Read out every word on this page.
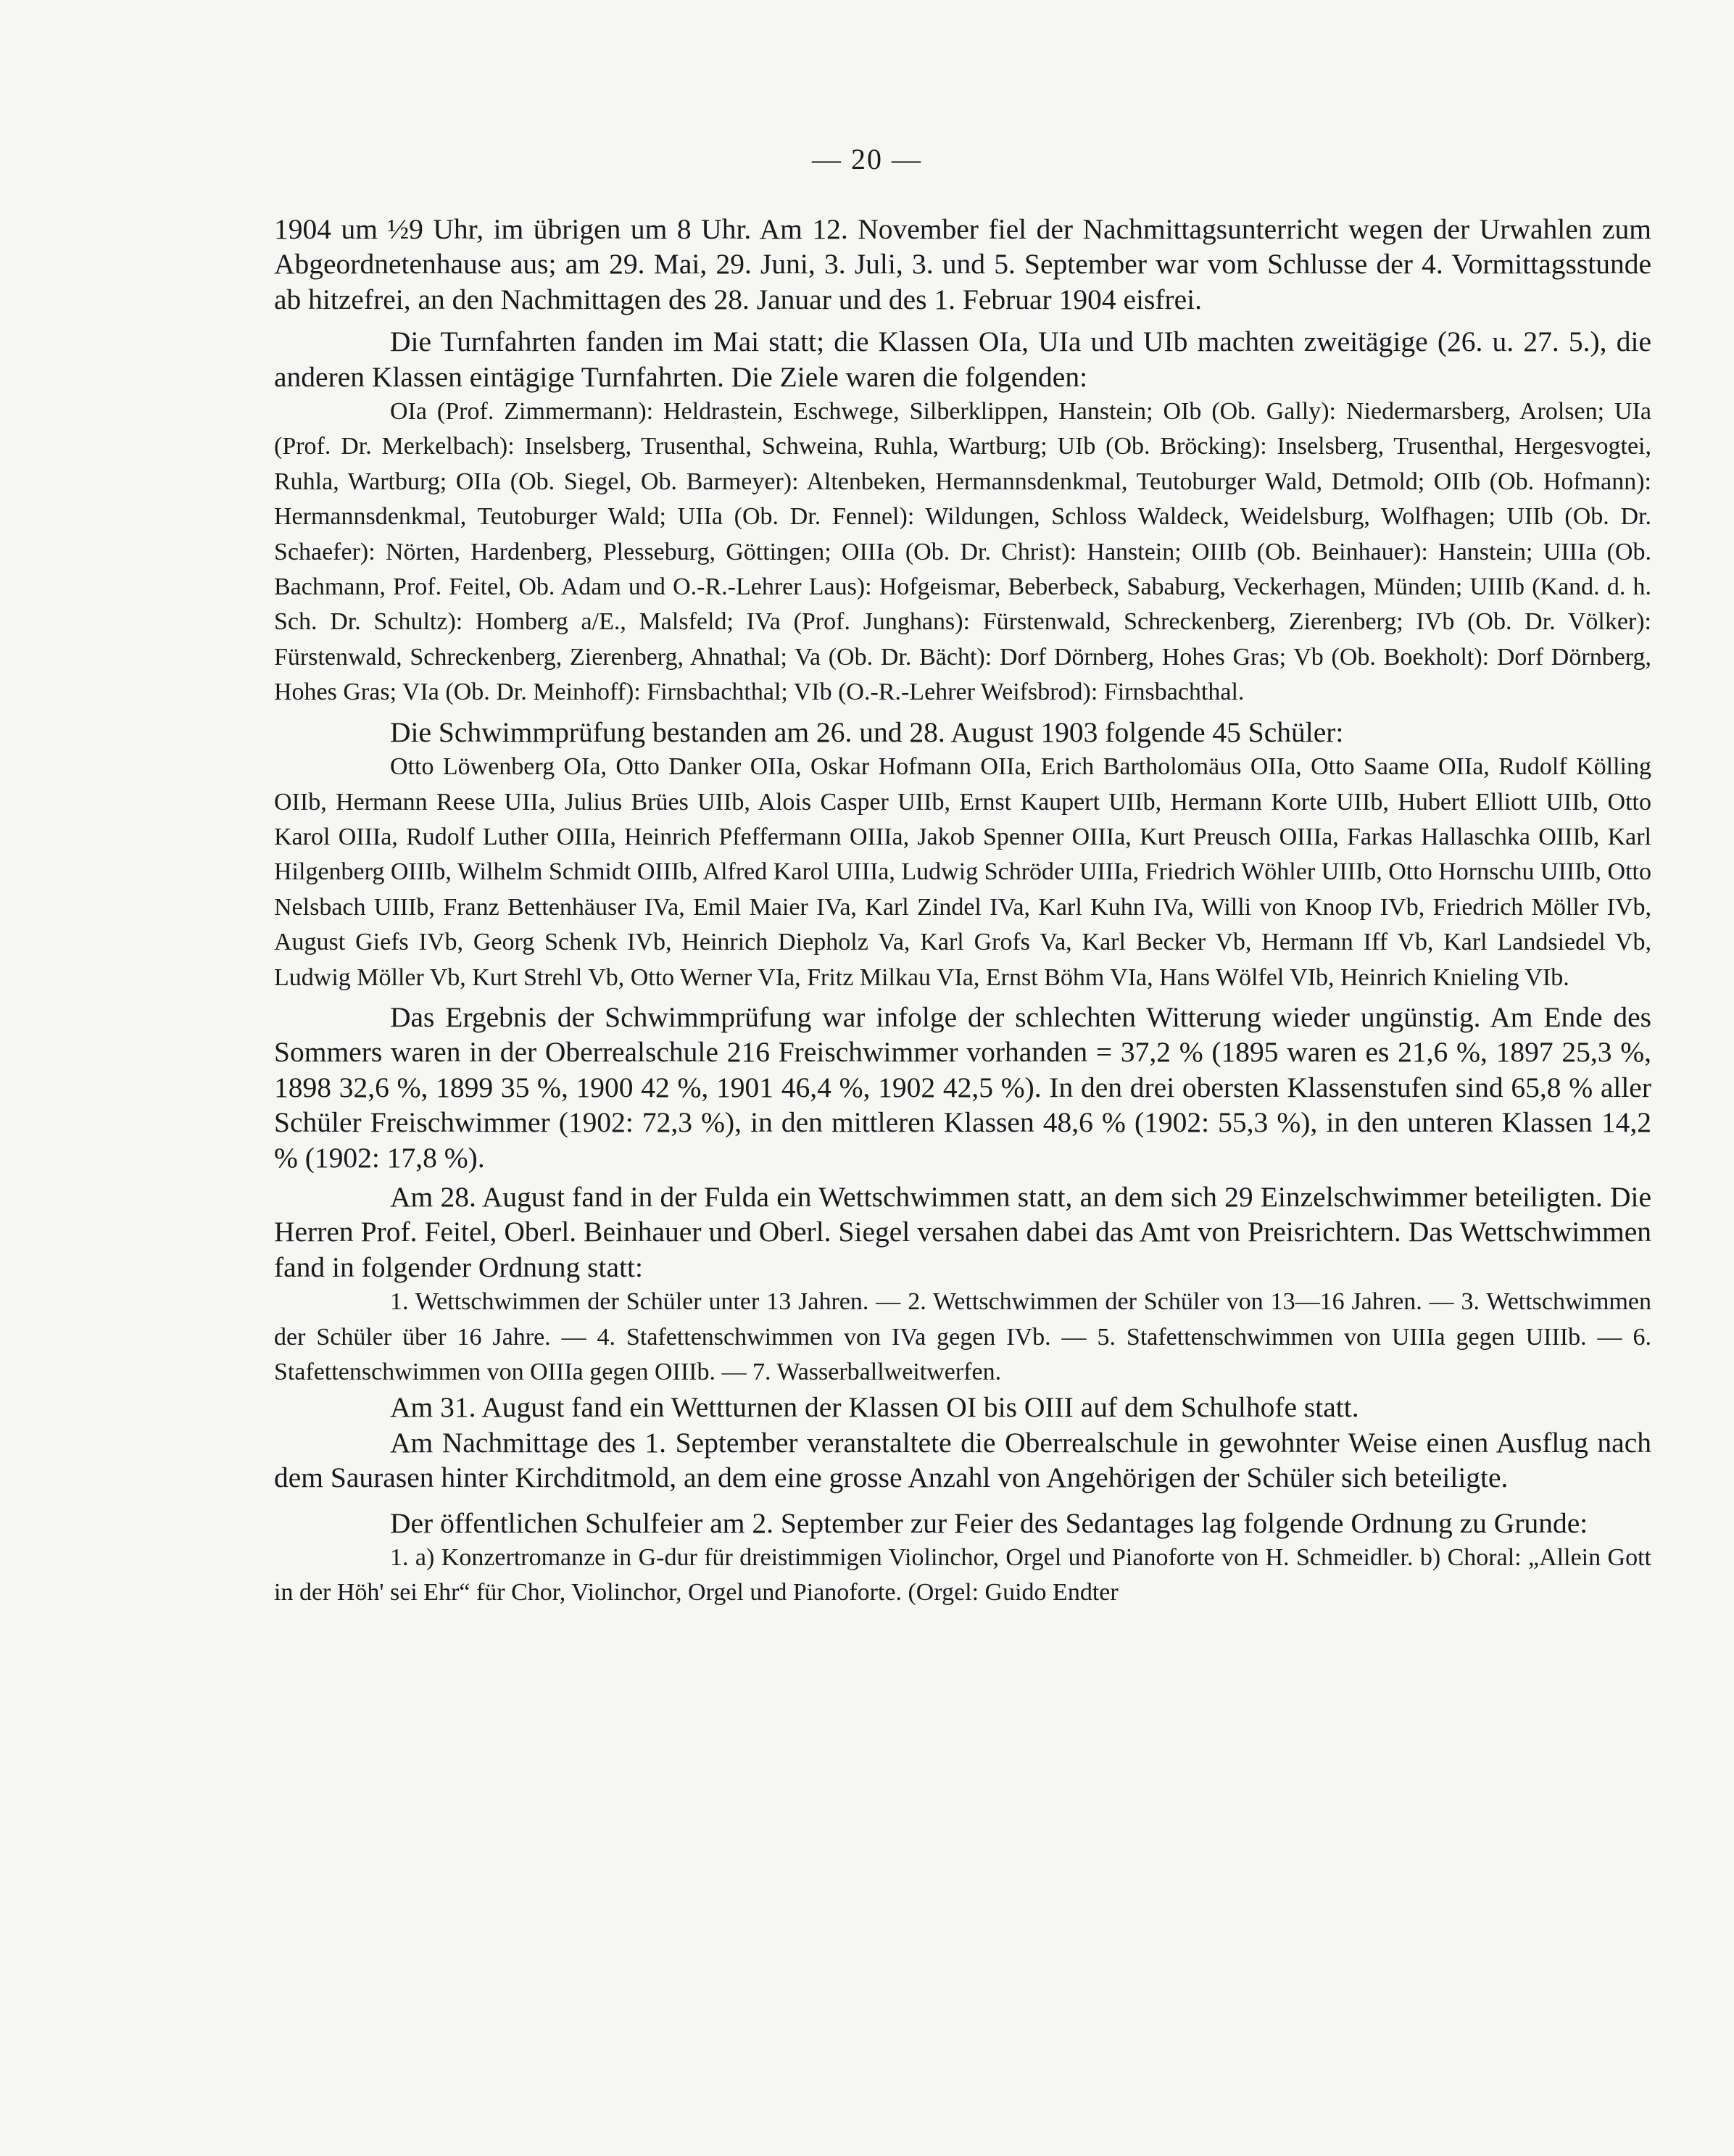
— 20 —

1904 um ½9 Uhr, im übrigen um 8 Uhr. Am 12. November fiel der Nachmittagsunterricht wegen der Urwahlen zum Abgeordnetenhause aus; am 29. Mai, 29. Juni, 3. Juli, 3. und 5. September war vom Schlusse der 4. Vormittagsstunde ab hitzefrei, an den Nachmittagen des 28. Januar und des 1. Februar 1904 eisfrei.

Die Turnfahrten fanden im Mai statt; die Klassen OIa, UIa und UIb machten zweitägige (26. u. 27. 5.), die anderen Klassen eintägige Turnfahrten. Die Ziele waren die folgenden:

OIa (Prof. Zimmermann): Heldrastein, Eschwege, Silberklippen, Hanstein; OIb (Ob. Gally): Niedermarsberg, Arolsen; UIa (Prof. Dr. Merkelbach): Inselsberg, Trusenthal, Schweina, Ruhla, Wartburg; UIb (Ob. Bröcking): Inselsberg, Trusenthal, Hergesvogtei, Ruhla, Wartburg; OIIa (Ob. Siegel, Ob. Barmeyer): Altenbeken, Hermannsdenkmal, Teutoburger Wald, Detmold; OIIb (Ob. Hofmann): Hermannsdenkmal, Teutoburger Wald; UIIa (Ob. Dr. Fennel): Wildungen, Schloss Waldeck, Weidelsburg, Wolfhagen; UIIb (Ob. Dr. Schaefer): Nörten, Hardenberg, Plesseburg, Göttingen; OIIIa (Ob. Dr. Christ): Hanstein; OIIIb (Ob. Beinhauer): Hanstein; UIIIa (Ob. Bachmann, Prof. Feitel, Ob. Adam und O.-R.-Lehrer Laus): Hofgeismar, Beberbeck, Sababurg, Veckerhagen, Münden; UIIIb (Kand. d. h. Sch. Dr. Schultz): Homberg a/E., Malsfeld; IVa (Prof. Junghans): Fürstenwald, Schreckenberg, Zierenberg; IVb (Ob. Dr. Völker): Fürstenwald, Schreckenberg, Zierenberg, Ahnathal; Va (Ob. Dr. Bächt): Dorf Dörnberg, Hohes Gras; Vb (Ob. Boekholt): Dorf Dörnberg, Hohes Gras; VIa (Ob. Dr. Meinhoff): Firnsbachthal; VIb (O.-R.-Lehrer Weifsbrod): Firnsbachthal.

Die Schwimmprüfung bestanden am 26. und 28. August 1903 folgende 45 Schüler:

Otto Löwenberg OIa, Otto Danker OIIa, Oskar Hofmann OIIa, Erich Bartholomäus OIIa, Otto Saame OIIa, Rudolf Kölling OIIb, Hermann Reese UIIa, Julius Brües UIIb, Alois Casper UIIb, Ernst Kaupert UIIb, Hermann Korte UIIb, Hubert Elliott UIIb, Otto Karol OIIIa, Rudolf Luther OIIIa, Heinrich Pfeffermann OIIIa, Jakob Spenner OIIIa, Kurt Preusch OIIIa, Farkas Hallaschka OIIIb, Karl Hilgenberg OIIIb, Wilhelm Schmidt OIIIb, Alfred Karol UIIIa, Ludwig Schröder UIIIa, Friedrich Wöhler UIIIb, Otto Hornschu UIIIb, Otto Nelsbach UIIIb, Franz Bettenhäuser IVa, Emil Maier IVa, Karl Zindel IVa, Karl Kuhn IVa, Willi von Knoop IVb, Friedrich Möller IVb, August Giefs IVb, Georg Schenk IVb, Heinrich Diepholz Va, Karl Grofs Va, Karl Becker Vb, Hermann Iff Vb, Karl Landsiedel Vb, Ludwig Möller Vb, Kurt Strehl Vb, Otto Werner VIa, Fritz Milkau VIa, Ernst Böhm VIa, Hans Wölfel VIb, Heinrich Knieling VIb.

Das Ergebnis der Schwimmprüfung war infolge der schlechten Witterung wieder ungünstig. Am Ende des Sommers waren in der Oberrealschule 216 Freischwimmer vorhanden = 37,2 % (1895 waren es 21,6 %, 1897 25,3 %, 1898 32,6 %, 1899 35 %, 1900 42 %, 1901 46,4 %, 1902 42,5 %). In den drei obersten Klassenstufen sind 65,8 % aller Schüler Freischwimmer (1902: 72,3 %), in den mittleren Klassen 48,6 % (1902: 55,3 %), in den unteren Klassen 14,2 % (1902: 17,8 %).

Am 28. August fand in der Fulda ein Wettschwimmen statt, an dem sich 29 Einzelschwimmer beteiligten. Die Herren Prof. Feitel, Oberl. Beinhauer und Oberl. Siegel versahen dabei das Amt von Preisrichtern. Das Wettschwimmen fand in folgender Ordnung statt:

1. Wettschwimmen der Schüler unter 13 Jahren. — 2. Wettschwimmen der Schüler von 13—16 Jahren. — 3. Wettschwimmen der Schüler über 16 Jahre. — 4. Stafettenschwimmen von IVa gegen IVb. — 5. Stafettenschwimmen von UIIIa gegen UIIIb. — 6. Stafettenschwimmen von OIIIa gegen OIIIb. — 7. Wasserballweitwerfen.

Am 31. August fand ein Wettturnen der Klassen OI bis OIII auf dem Schulhofe statt.

Am Nachmittage des 1. September veranstaltete die Oberrealschule in gewohnter Weise einen Ausflug nach dem Saurasen hinter Kirchditmold, an dem eine grosse Anzahl von Angehörigen der Schüler sich beteiligte.

Der öffentlichen Schulfeier am 2. September zur Feier des Sedantages lag folgende Ordnung zu Grunde:

1. a) Konzertromanze in G-dur für dreistimmigen Violinchor, Orgel und Pianoforte von H. Schmeidler. b) Choral: „Allein Gott in der Höh' sei Ehr“ für Chor, Violinchor, Orgel und Pianoforte. (Orgel: Guido Endter
